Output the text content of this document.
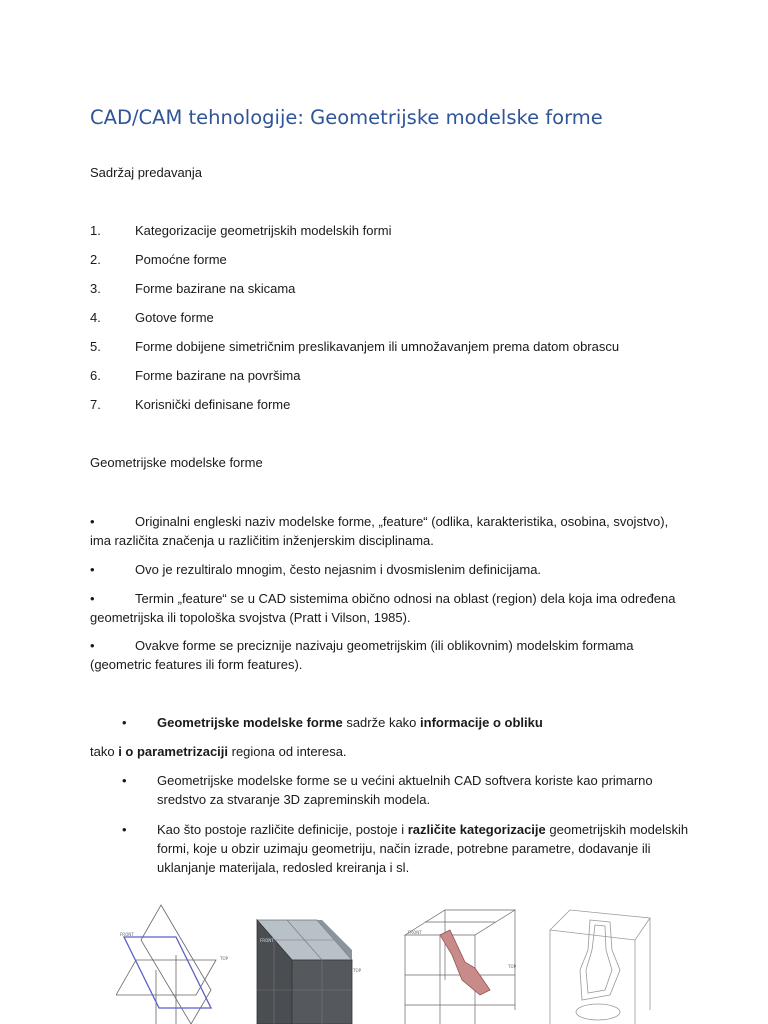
CAD/CAM tehnologije: Geometrijske modelske forme
Sadržaj predavanja
1.	Kategorizacije geometrijskih modelskih formi
2.	Pomoćne forme
3.	Forme bazirane na skicama
4.	Gotove forme
5.	Forme dobijene simetričnim preslikavanjem ili umnožavanjem prema datom obrascu
6.	Forme bazirane na površima
7.	Korisnički definisane forme
Geometrijske modelske forme
•	Originalni engleski naziv modelske forme, „feature“ (odlika, karakteristika, osobina, svojstvo),
ima različita značenja u različitim inženjerskim disciplinama.
•	Ovo je rezultiralo mnogim, često nejasnim i dvosmislenim definicijama.
•	Termin „feature“ se u CAD sistemima obično odnosi na oblast (region) dela koja ima određena
geometrijska ili topološka svojstva (Pratt i Vilson, 1985).
•	Ovakve forme se preciznije nazivaju geometrijskim (ili oblikovnim) modelskim formama
(geometric features ili form features).
• Geometrijske modelske forme sadrže kako informacije o obliku
tako i o parametrizaciji regiona od interesa.
• Geometrijske modelske forme se u većini aktuelnih CAD softvera koriste kao primarno
sredstvo za stvaranje 3D zapreminskih modela.
• Kao što postoje različite definicije, postoje i različite kategorizacije geometrijskih modelskih
formi, koje u obzir uzimaju geometriju, način izrade, potrebne parametre, dodavanje ili
uklanjanje materijala, redosled kreiranja i sl.
FRONT
TOP
FRONT
TOP
FRONT
TOP
